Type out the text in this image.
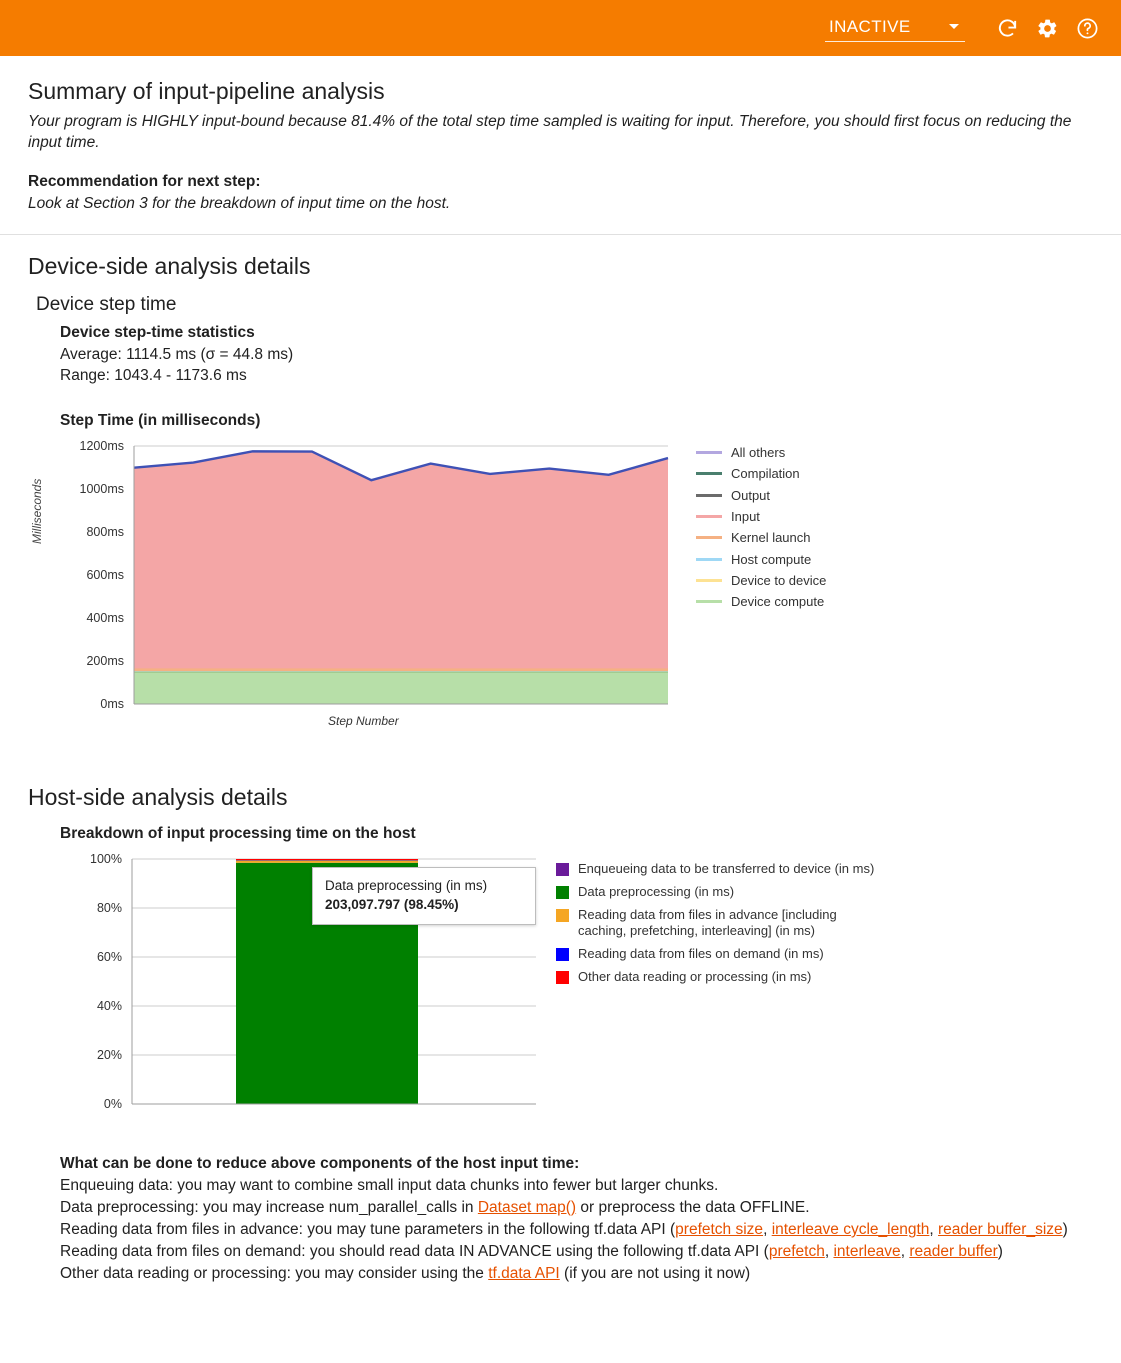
INACTIVE
Summary of input-pipeline analysis

Your program is HIGHLY input-bound because 81.4% of the total step time sampled is waiting for input. Therefore, you should first focus on reducing the input time.

Recommendation for next step:

Look at Section 3 for the breakdown of input time on the host.

Device-side analysis details
Device step time

Device step-time statistics

Average: 1114.5 ms (σ = 44.8 ms)

Range: 1043.4 - 1173.6 ms

Step Time (in milliseconds)

Milliseconds
Step Number
0ms
200ms
400ms
600ms
800ms
1000ms
1200ms	All others
Compilation
Output
Input
Kernel launch
Host compute
Device to device
Device compute
Host-side analysis details

Breakdown of input processing time on the host

0%
20%
40%
60%
80%
100%
Data preprocessing (in ms)
203,097.797 (98.45%)
Enqueueing data to be transferred to device (in ms)
Data preprocessing (in ms)
Reading data from files in advance [including caching, prefetching, interleaving] (in ms)
Reading data from files on demand (in ms)
Other data reading or processing (in ms)

What can be done to reduce above components of the host input time:

Enqueuing data: you may want to combine small input data chunks into fewer but larger chunks.

Data preprocessing: you may increase num_parallel_calls in Dataset map() or preprocess the data OFFLINE.

Reading data from files in advance: you may tune parameters in the following tf.data API (prefetch size, interleave cycle_length, reader buffer_size)

Reading data from files on demand: you should read data IN ADVANCE using the following tf.data API (prefetch, interleave, reader buffer)

Other data reading or processing: you may consider using the tf.data API (if you are not using it now)
